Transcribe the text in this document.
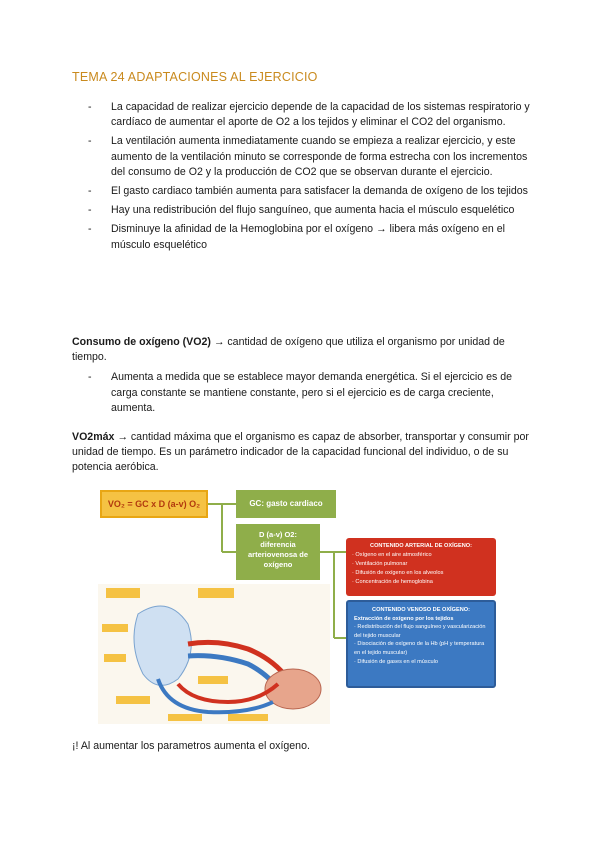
TEMA 24 ADAPTACIONES AL EJERCICIO
- La capacidad de realizar ejercicio depende de la capacidad de los sistemas respiratorio y cardíaco de aumentar el aporte de O2 a los tejidos y eliminar el CO2 del organismo.
- La ventilación aumenta inmediatamente cuando se empieza a realizar ejercicio, y este aumento de la ventilación minuto se corresponde de forma estrecha con los incrementos del consumo de O2 y la producción de CO2 que se observan durante el ejercicio.
- El gasto cardiaco también aumenta para satisfacer la demanda de oxígeno de los tejidos
- Hay una redistribución del flujo sanguíneo, que aumenta hacia el músculo esquelético
- Disminuye la afinidad de la Hemoglobina por el oxígeno → libera más oxígeno en el músculo esquelético
Consumo de oxígeno (VO2) → cantidad de oxígeno que utiliza el organismo por unidad de tiempo.
- Aumenta a medida que se establece mayor demanda energética. Si el ejercicio es de carga constante se mantiene constante, pero si el ejercicio es de carga creciente, aumenta.
VO2máx → cantidad máxima que el organismo es capaz de absorber, transportar y consumir por unidad de tiempo. Es un parámetro indicador de la capacidad funcional del individuo, o de su potencia aeróbica.
VO₂ = GC x D (a-v) O₂	GC: gasto cardiaco
D (a-v) O2:
diferencia arteriovenosa de oxígeno
CONTENIDO ARTERIAL DE OXÍGENO:
· Oxígeno en el aire atmosférico
· Ventilación pulmonar
· Difusión de oxígeno en los alveolos
· Concentración de hemoglobina
CONTENIDO VENOSO DE OXÍGENO:
Extracción de oxígeno por los tejidos
· Redistribución del flujo sanguíneo y vascularización del tejido muscular
· Disociación de oxígeno de la Hb (pH y temperatura en el tejido muscular)
· Difusión de gases en el músculo
¡! Al aumentar los parametros aumenta el oxígeno.
